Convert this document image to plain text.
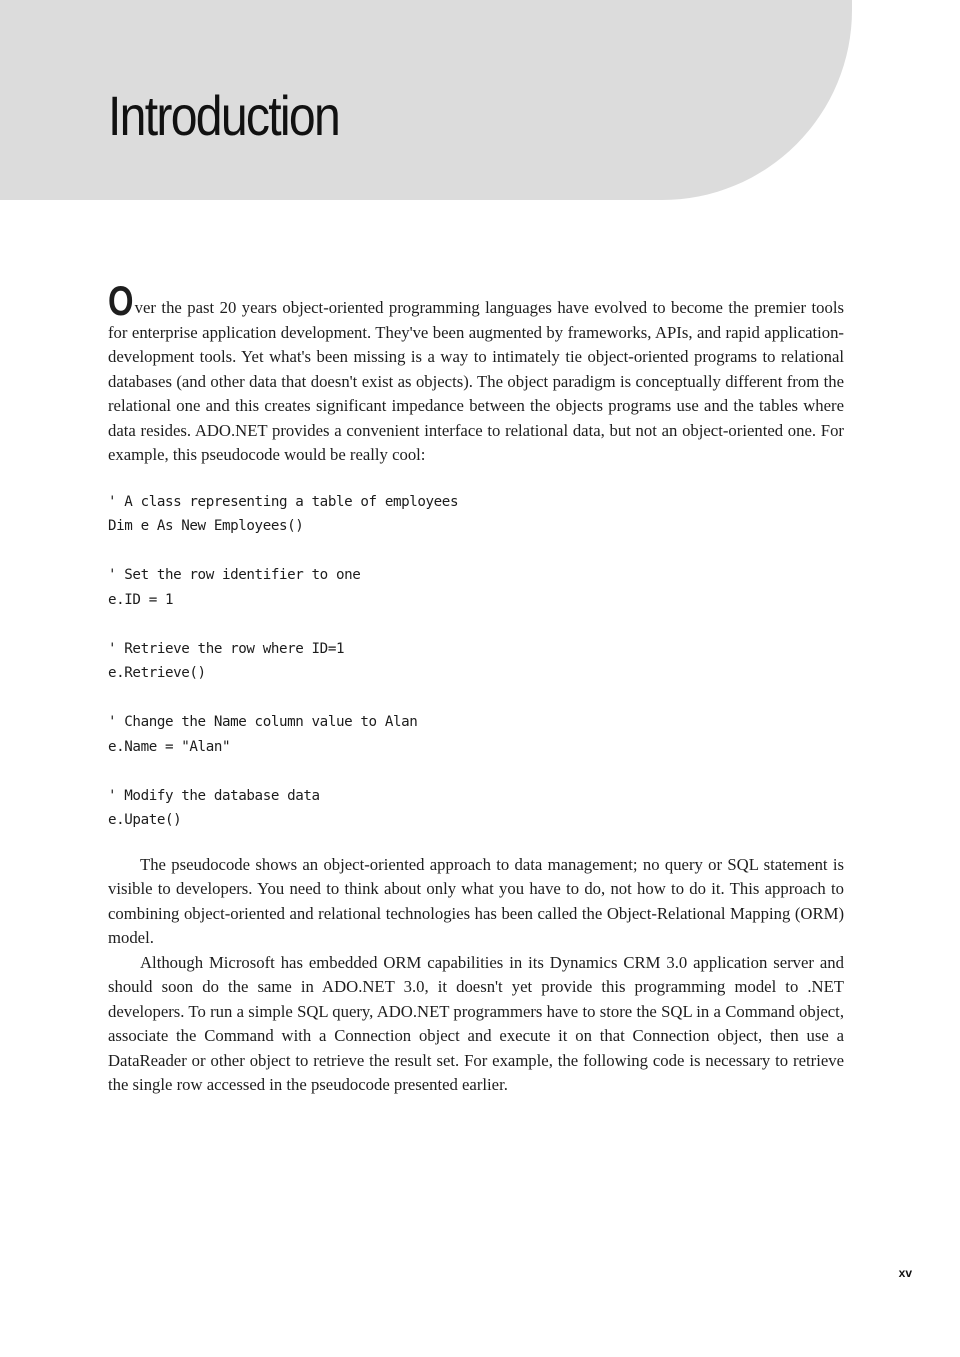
Introduction

Over the past 20 years object-oriented programming languages have evolved to become the premier tools for enterprise application development. They've been augmented by frameworks, APIs, and rapid application-development tools. Yet what's been missing is a way to intimately tie object-oriented programs to relational databases (and other data that doesn't exist as objects). The object paradigm is conceptually different from the relational one and this creates significant impedance between the objects programs use and the tables where data resides. ADO.NET provides a convenient interface to relational data, but not an object-oriented one. For example, this pseudocode would be really cool:

' A class representing a table of employees
Dim e As New Employees()
' Set the row identifier to one
e.ID = 1
' Retrieve the row where ID=1
e.Retrieve()
' Change the Name column value to Alan
e.Name = "Alan"
' Modify the database data
e.Upate()

The pseudocode shows an object-oriented approach to data management; no query or SQL statement is visible to developers. You need to think about only what you have to do, not how to do it. This approach to combining object-oriented and relational technologies has been called the Object-Relational Mapping (ORM) model.

Although Microsoft has embedded ORM capabilities in its Dynamics CRM 3.0 application server and should soon do the same in ADO.NET 3.0, it doesn't yet provide this programming model to .NET developers. To run a simple SQL query, ADO.NET programmers have to store the SQL in a Command object, associate the Command with a Connection object and execute it on that Connection object, then use a DataReader or other object to retrieve the result set. For example, the following code is necessary to retrieve the single row accessed in the pseudocode presented earlier.

xv
